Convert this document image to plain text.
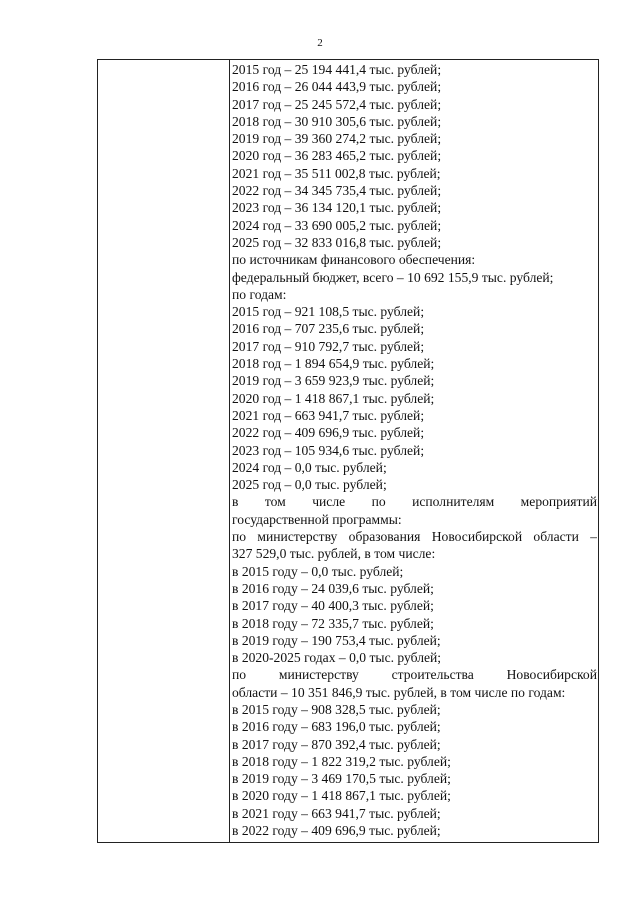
2
2015 год – 25 194 441,4 тыс. рублей;
2016 год – 26 044 443,9 тыс. рублей;
2017 год – 25 245 572,4 тыс. рублей;
2018 год – 30 910 305,6 тыс. рублей;
2019 год – 39 360 274,2 тыс. рублей;
2020 год – 36 283 465,2 тыс. рублей;
2021 год – 35 511 002,8 тыс. рублей;
2022 год – 34 345 735,4 тыс. рублей;
2023 год – 36 134 120,1 тыс. рублей;
2024 год – 33 690 005,2 тыс. рублей;
2025 год – 32 833 016,8 тыс. рублей;
по источникам финансового обеспечения:
федеральный бюджет, всего – 10 692 155,9 тыс. рублей;
по годам:
2015 год – 921 108,5 тыс. рублей;
2016 год – 707 235,6 тыс. рублей;
2017 год – 910 792,7 тыс. рублей;
2018 год – 1 894 654,9 тыс. рублей;
2019 год – 3 659 923,9 тыс. рублей;
2020 год – 1 418 867,1 тыс. рублей;
2021 год – 663 941,7 тыс. рублей;
2022 год – 409 696,9 тыс. рублей;
2023 год – 105 934,6 тыс. рублей;
2024 год – 0,0 тыс. рублей;
2025 год – 0,0 тыс. рублей;
в том числе по исполнителям мероприятий
государственной программы:
по министерству образования Новосибирской области –
327 529,0 тыс. рублей, в том числе:
в 2015 году – 0,0 тыс. рублей;
в 2016 году – 24 039,6 тыс. рублей;
в 2017 году – 40 400,3 тыс. рублей;
в 2018 году – 72 335,7 тыс. рублей;
в 2019 году – 190 753,4 тыс. рублей;
в 2020-2025 годах – 0,0 тыс. рублей;
по министерству строительства Новосибирской
области – 10 351 846,9 тыс. рублей, в том числе по годам:
в 2015 году – 908 328,5 тыс. рублей;
в 2016 году – 683 196,0 тыс. рублей;
в 2017 году – 870 392,4 тыс. рублей;
в 2018 году – 1 822 319,2 тыс. рублей;
в 2019 году – 3 469 170,5 тыс. рублей;
в 2020 году – 1 418 867,1 тыс. рублей;
в 2021 году – 663 941,7 тыс. рублей;
в 2022 году – 409 696,9 тыс. рублей;
